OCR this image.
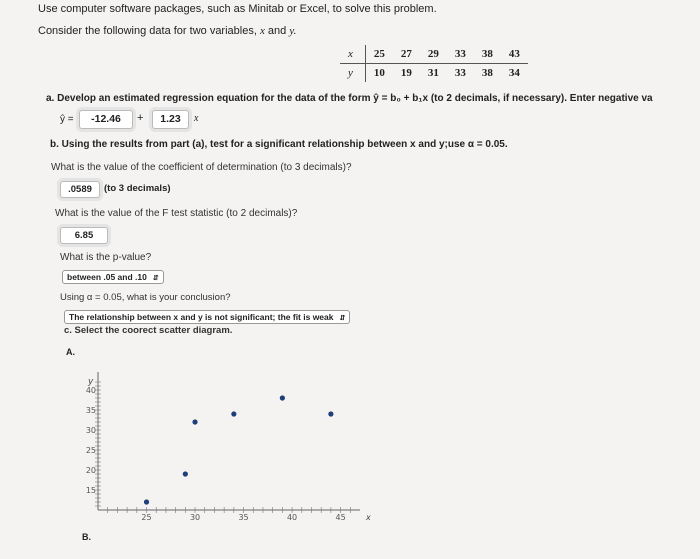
Use computer software packages, such as Minitab or Excel, to solve this problem.
Consider the following data for two variables, x and y.
x	25	27	29	33	38	43
y	10	19	31	33	38	34
a. Develop an estimated regression equation for the data of the form ŷ = b₀ + b₁x (to 2 decimals, if necessary). Enter negative va
ŷ =	-12.46	+	1.23	x
b. Using the results from part (a), test for a significant relationship between x and y;use α = 0.05.
What is the value of the coefficient of determination (to 3 decimals)?
.0589	(to 3 decimals)
What is the value of the F test statistic (to 2 decimals)?
6.85
What is the p-value?
between .05 and .10 ⇵
Using α = 0.05, what is your conclusion?
The relationship between x and y is not significant; the fit is weak ⇵
c. Select the coorect scatter diagram.
A.
25	30	35	40	45
15
20
25
30
35
40
x
y
B.
